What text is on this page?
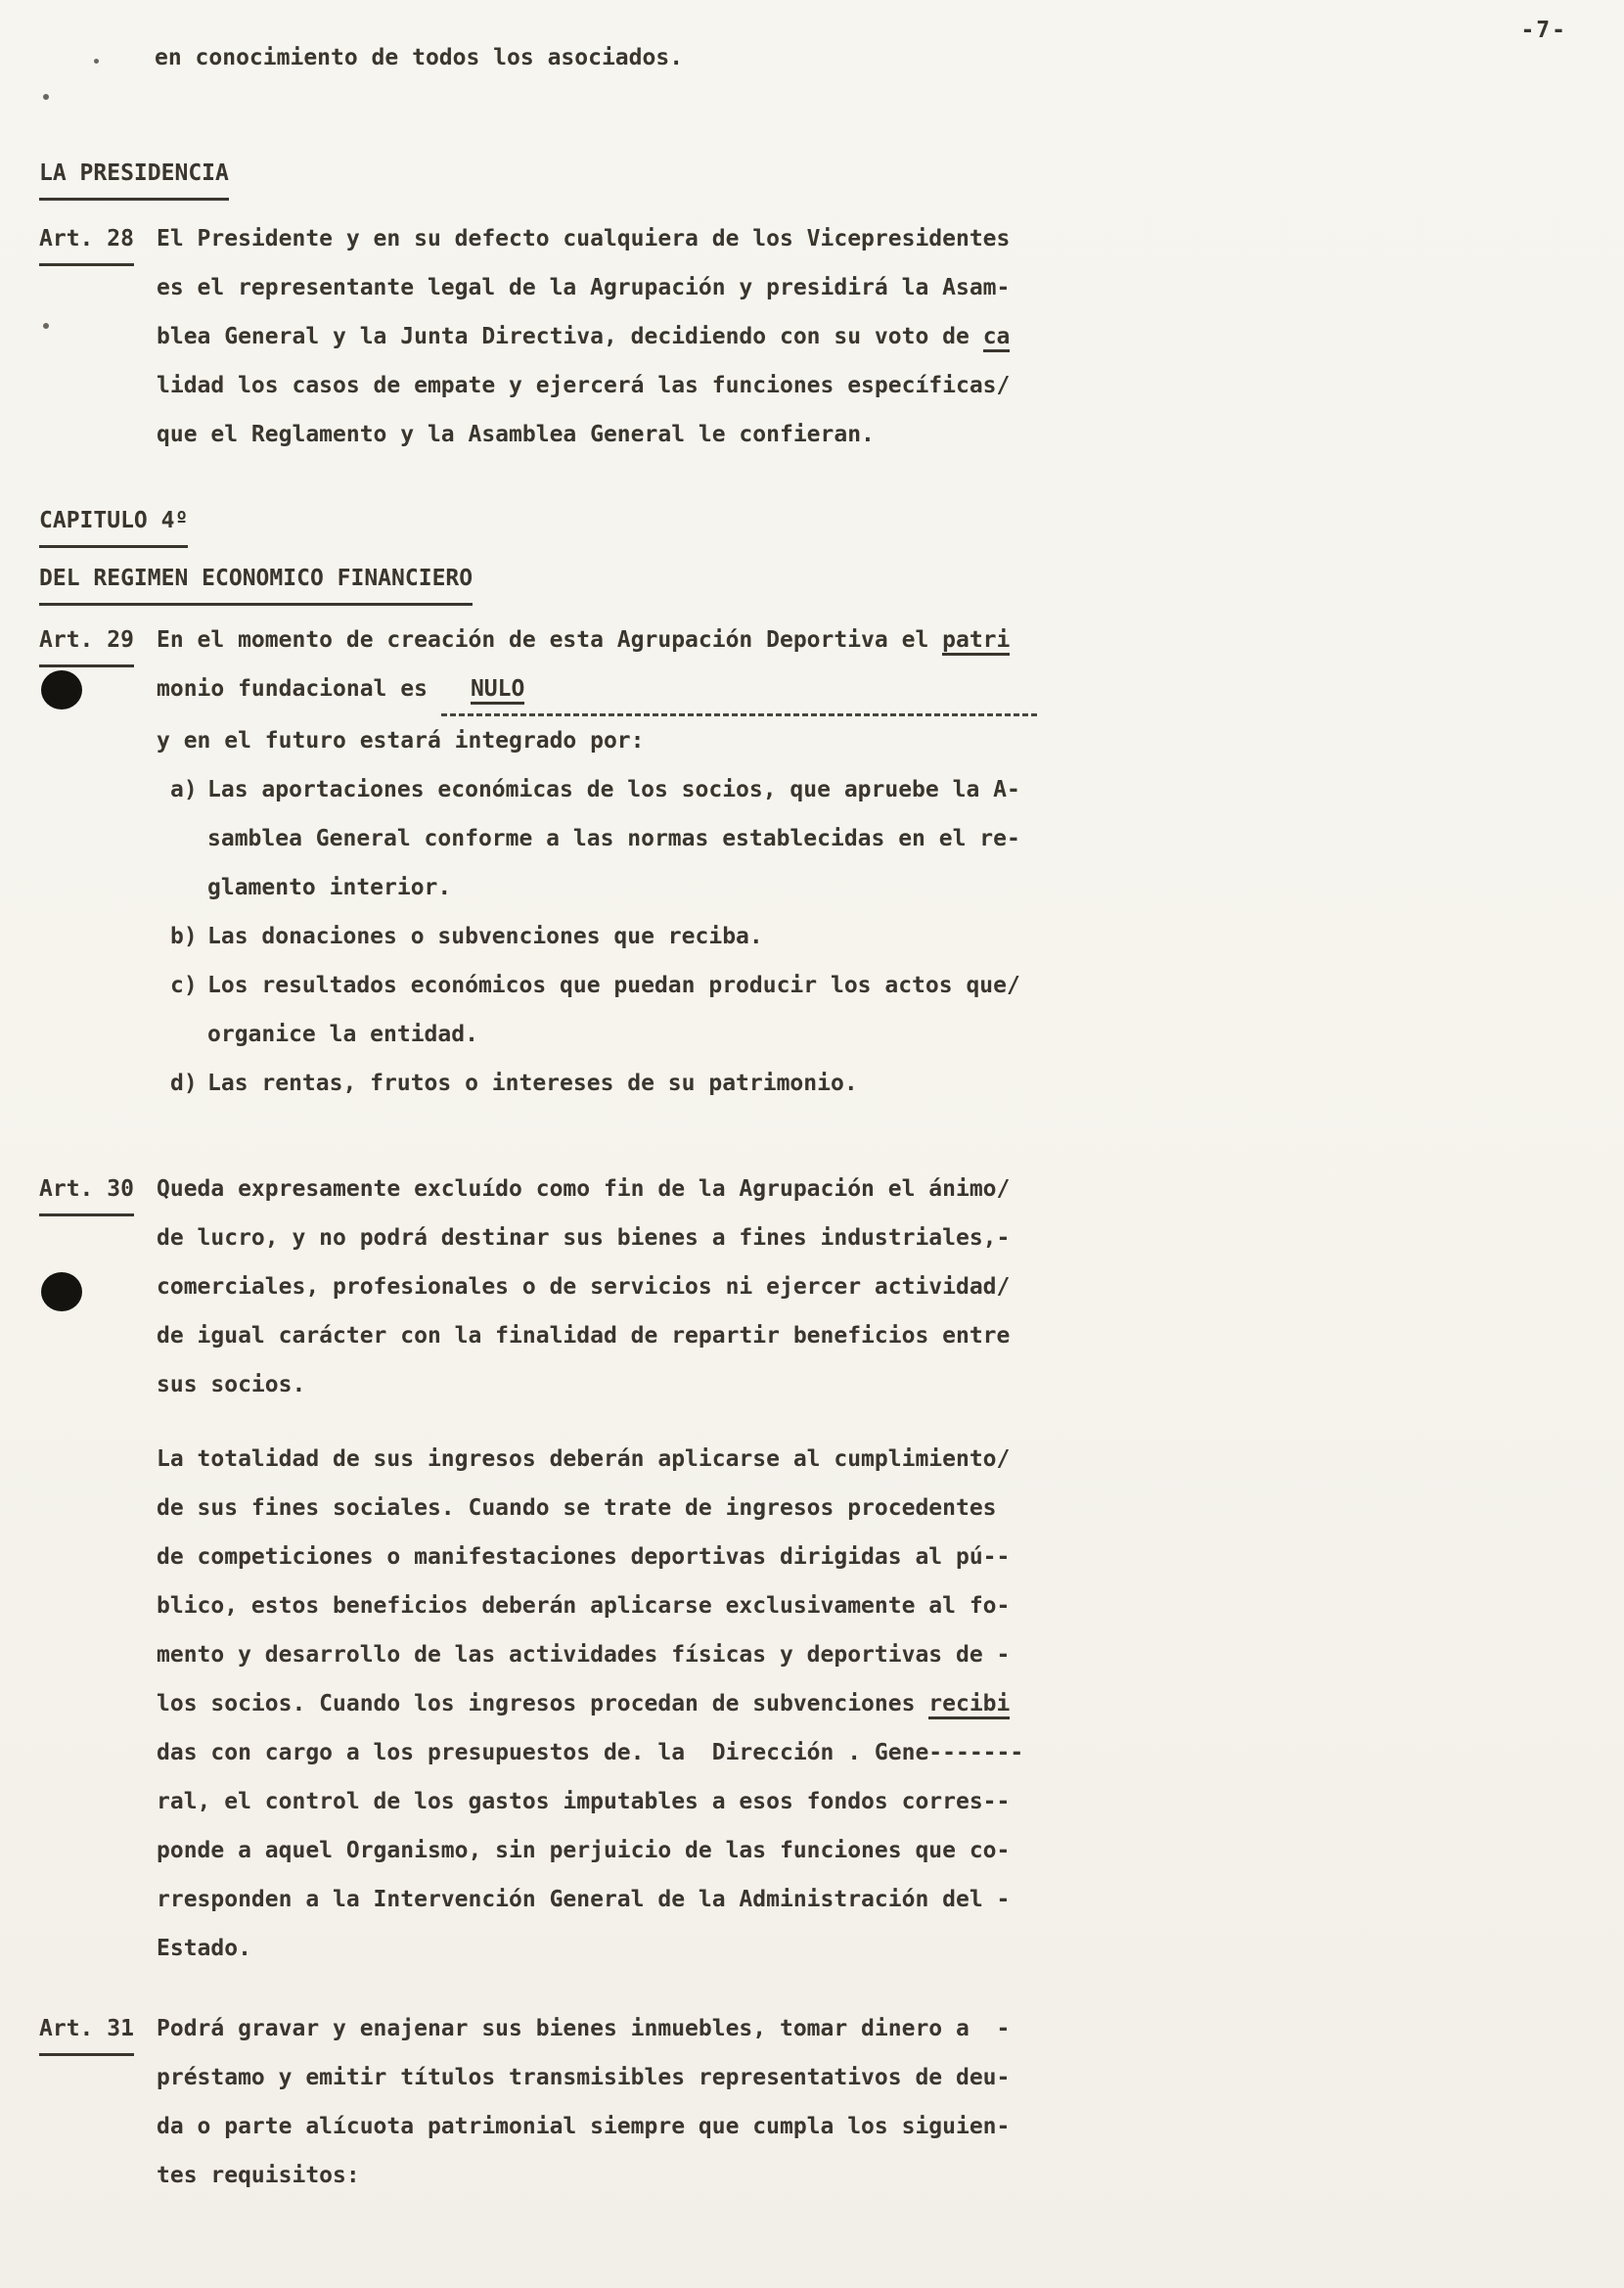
-7-
en conocimiento de todos los asociados.
LA PRESIDENCIA
Art. 28	El Presidente y en su defecto cualquiera de los Vicepresidentes
es el representante legal de la Agrupación y presidirá la Asam-
blea General y la Junta Directiva, decidiendo con su voto de ca
lidad los casos de empate y ejercerá las funciones específicas/
que el Reglamento y la Asamblea General le confieran.
CAPITULO 4º
DEL REGIMEN ECONOMICO FINANCIERO
Art. 29	En el momento de creación de esta Agrupación Deportiva el patri
monio fundacional es	NULO
y en el futuro estará integrado por:
a) Las aportaciones económicas de los socios, que apruebe la A-
samblea General conforme a las normas establecidas en el re-
glamento interior.
b) Las donaciones o subvenciones que reciba.
c) Los resultados económicos que puedan producir los actos que/
organice la entidad.
d) Las rentas, frutos o intereses de su patrimonio.
Art. 30	Queda expresamente excluído como fin de la Agrupación el ánimo/
de lucro, y no podrá destinar sus bienes a fines industriales,-
comerciales, profesionales o de servicios ni ejercer actividad/
de igual carácter con la finalidad de repartir beneficios entre
sus socios.
La totalidad de sus ingresos deberán aplicarse al cumplimiento/
de sus fines sociales. Cuando se trate de ingresos procedentes
de competiciones o manifestaciones deportivas dirigidas al pú--
blico, estos beneficios deberán aplicarse exclusivamente al fo-
mento y desarrollo de las actividades físicas y deportivas de -
los socios. Cuando los ingresos procedan de subvenciones recibi
das con cargo a los presupuestos de. la  Dirección . Gene-------
ral, el control de los gastos imputables a esos fondos corres--
ponde a aquel Organismo, sin perjuicio de las funciones que co-
rresponden a la Intervención General de la Administración del -
Estado.
Art. 31	Podrá gravar y enajenar sus bienes inmuebles, tomar dinero a  -
préstamo y emitir títulos transmisibles representativos de deu-
da o parte alícuota patrimonial siempre que cumpla los siguien-
tes requisitos:
